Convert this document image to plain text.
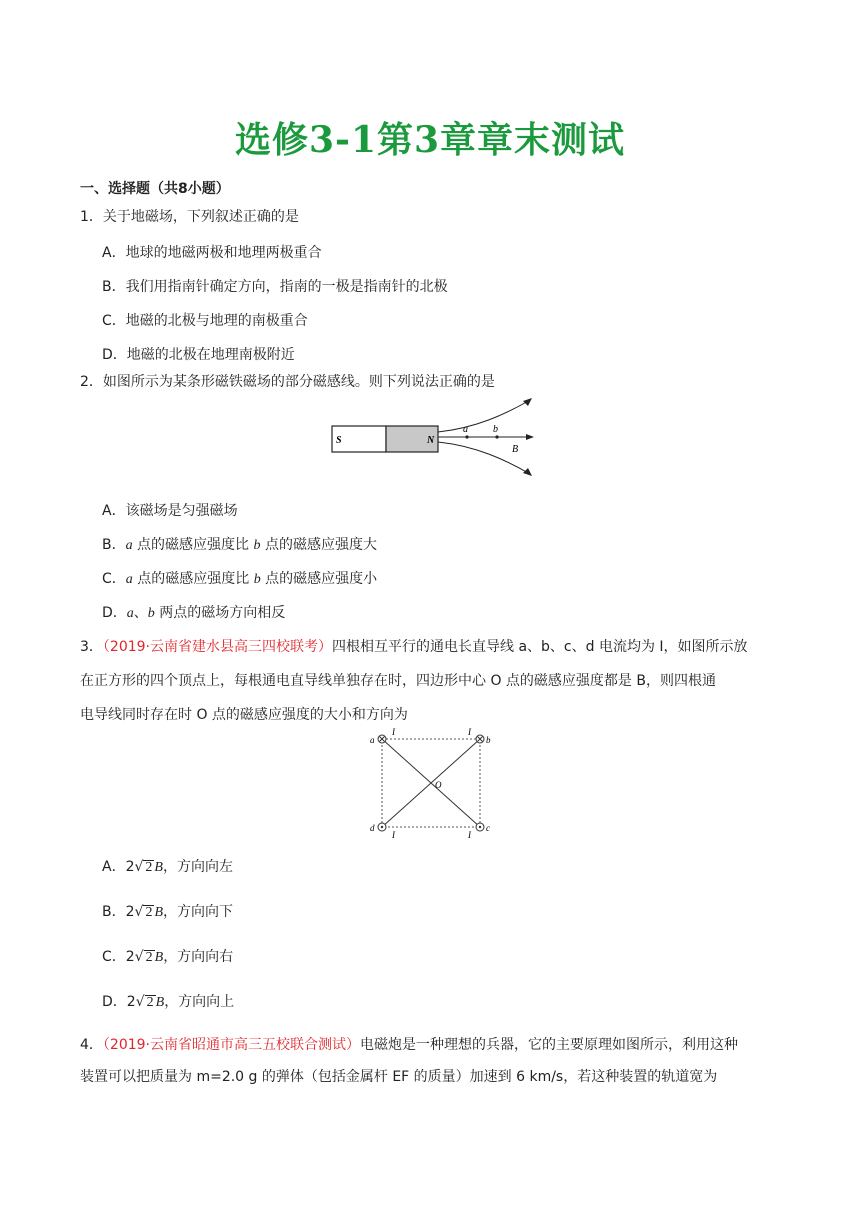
选修3-1第3章章末测试
一、选择题（共8小题）
1．关于地磁场，下列叙述正确的是
A．地球的地磁两极和地理两极重合
B．我们用指南针确定方向，指南的一极是指南针的北极
C．地磁的北极与地理的南极重合
D．地磁的北极在地理南极附近
2．如图所示为某条形磁铁磁场的部分磁感线。则下列说法正确的是
S	N
a	b
B
A．该磁场是匀强磁场
B．a 点的磁感应强度比 b 点的磁感应强度大
C．a 点的磁感应强度比 b 点的磁感应强度小
D．a、b 两点的磁场方向相反
3．（2019·云南省建水县高三四校联考）四根相互平行的通电长直导线 a、b、c、d 电流均为 I，如图所示放
在正方形的四个顶点上，每根通电直导线单独存在时，四边形中心 O 点的磁感应强度都是 B，则四根通
电导线同时存在时 O 点的磁感应强度的大小和方向为
a	b
c
d
I	I
I	I
O
A．2√ 2 B，方向向左
B．2√ 2 B，方向向下
C．2√ 2 B，方向向右
D．2√ 2 B，方向向上
4．（2019·云南省昭通市高三五校联合测试）电磁炮是一种理想的兵器，它的主要原理如图所示，利用这种
装置可以把质量为 m=2.0 g 的弹体（包括金属杆 EF 的质量）加速到 6 km/s，若这种装置的轨道宽为
